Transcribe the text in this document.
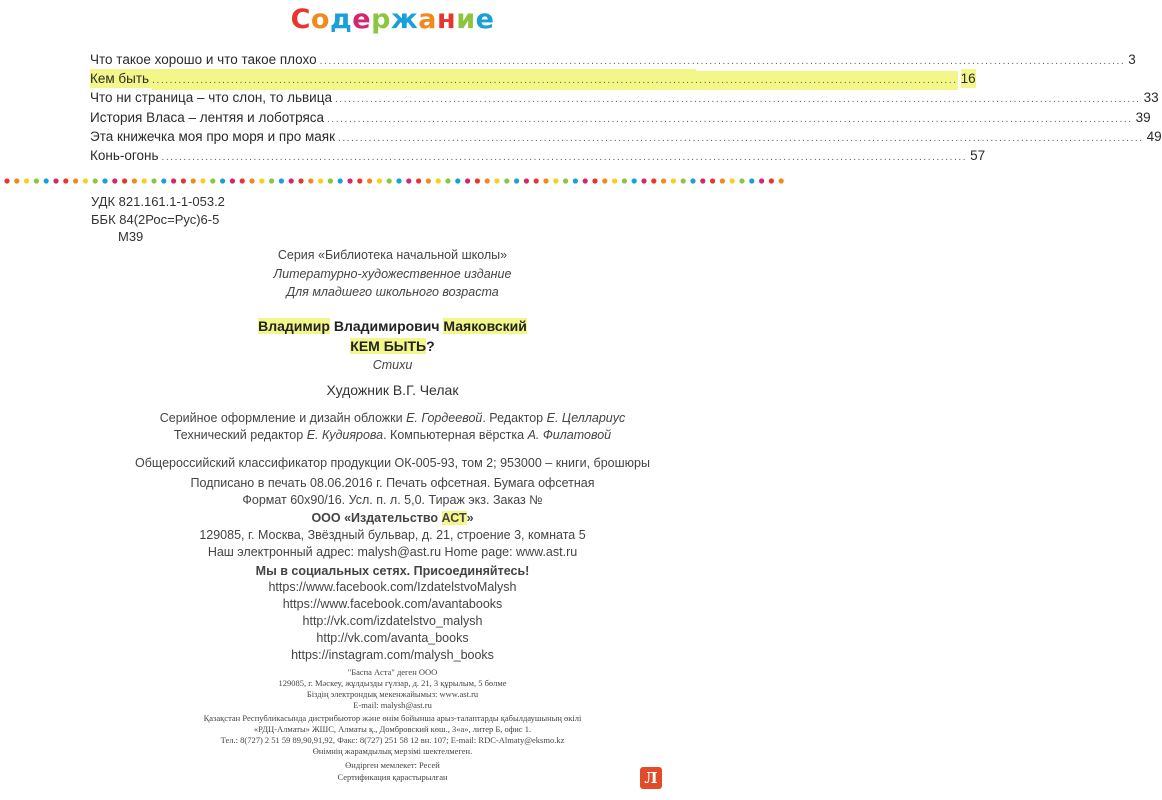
Содержание
Что такое хорошо и что такое плохо ........................................................................................................................................................................................ 3
Кем быть ........................................................................................................................................................................................ 16
Что ни страница – что слон, то львица ........................................................................................................................................................................................ 33
История Власа – лентяя и лоботряса ........................................................................................................................................................................................ 39
Эта книжечка моя про моря и про маяк ........................................................................................................................................................................................ 49
Конь-огонь ........................................................................................................................................................................................ 57
УДК 821.161.1-1-053.2
ББК 84(2Рос=Рус)6-5
М39
Серия «Библиотека начальной школы»
Литературно-художественное издание
Для младшего школьного возраста
Владимир Владимирович Маяковский
КЕМ БЫТЬ?
Стихи
Художник В.Г. Челак
Серийное оформление и дизайн обложки Е. Гордеевой. Редактор Е. Целлариус
Технический редактор Е. Кудиярова. Компьютерная вёрстка А. Филатовой
Общероссийский классификатор продукции ОК-005-93, том 2; 953000 – книги, брошюры
Подписано в печать 08.06.2016 г. Печать офсетная. Бумага офсетная
Формат 60х90/16. Усл. п. л. 5,0. Тираж экз. Заказ №
ООО «Издательство АСТ»
129085, г. Москва, Звёздный бульвар, д. 21, строение 3, комната 5
Наш электронный адрес: malysh@ast.ru Home page: www.ast.ru
Мы в социальных сетях. Присоединяйтесь!
https://www.facebook.com/IzdatelstvoMalysh
https://www.facebook.com/avantabooks
http://vk.com/izdatelstvo_malysh
http://vk.com/avanta_books
https://instagram.com/malysh_books
"Баспа Аста" деген ООО
129085, г. Мәскеу, жұлдызды гүлзар, д. 21, 3 құрылым, 5 бөлме
Біздің электрондық мекенжайымыз: www.ast.ru
E-mail: malysh@ast.ru
Қазақстан Республикасында дистрибьютор және өнім бойынша арыз-талаптарды қабылдаушының өкілі
«РДЦ-Алматы» ЖШС, Алматы қ., Домбровский көш., 3«а», литер Б, офис 1.
Тел.: 8(727) 2 51 59 89,90,91,92, Факс: 8(727) 251 58 12 вн. 107; E-mail: RDC-Almaty@eksmo.kz
Өнімнің жарамдылық мерзімі шектелмеген.
Өндірген мемлекет: Ресей
Сертификация қарастырылған	Л
